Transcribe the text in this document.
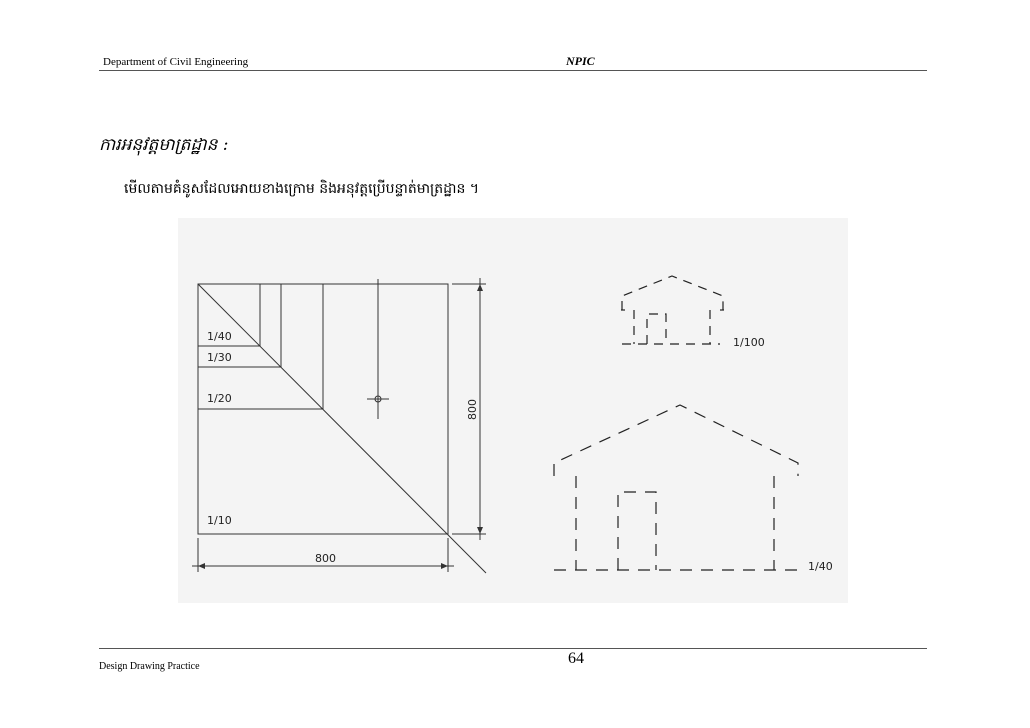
Department of Civil Engineering	NPIC
ការអនុវត្តមាត្រដ្ឋាន :
មើលតាមគំនូសដែលអោយខាងក្រោម និងអនុវត្តប្រើបន្ទាត់មាត្រដ្ឋាន ។
1/40
1/30
1/20
1/10
800
800
1/100
1/40
Design Drawing Practice	64
